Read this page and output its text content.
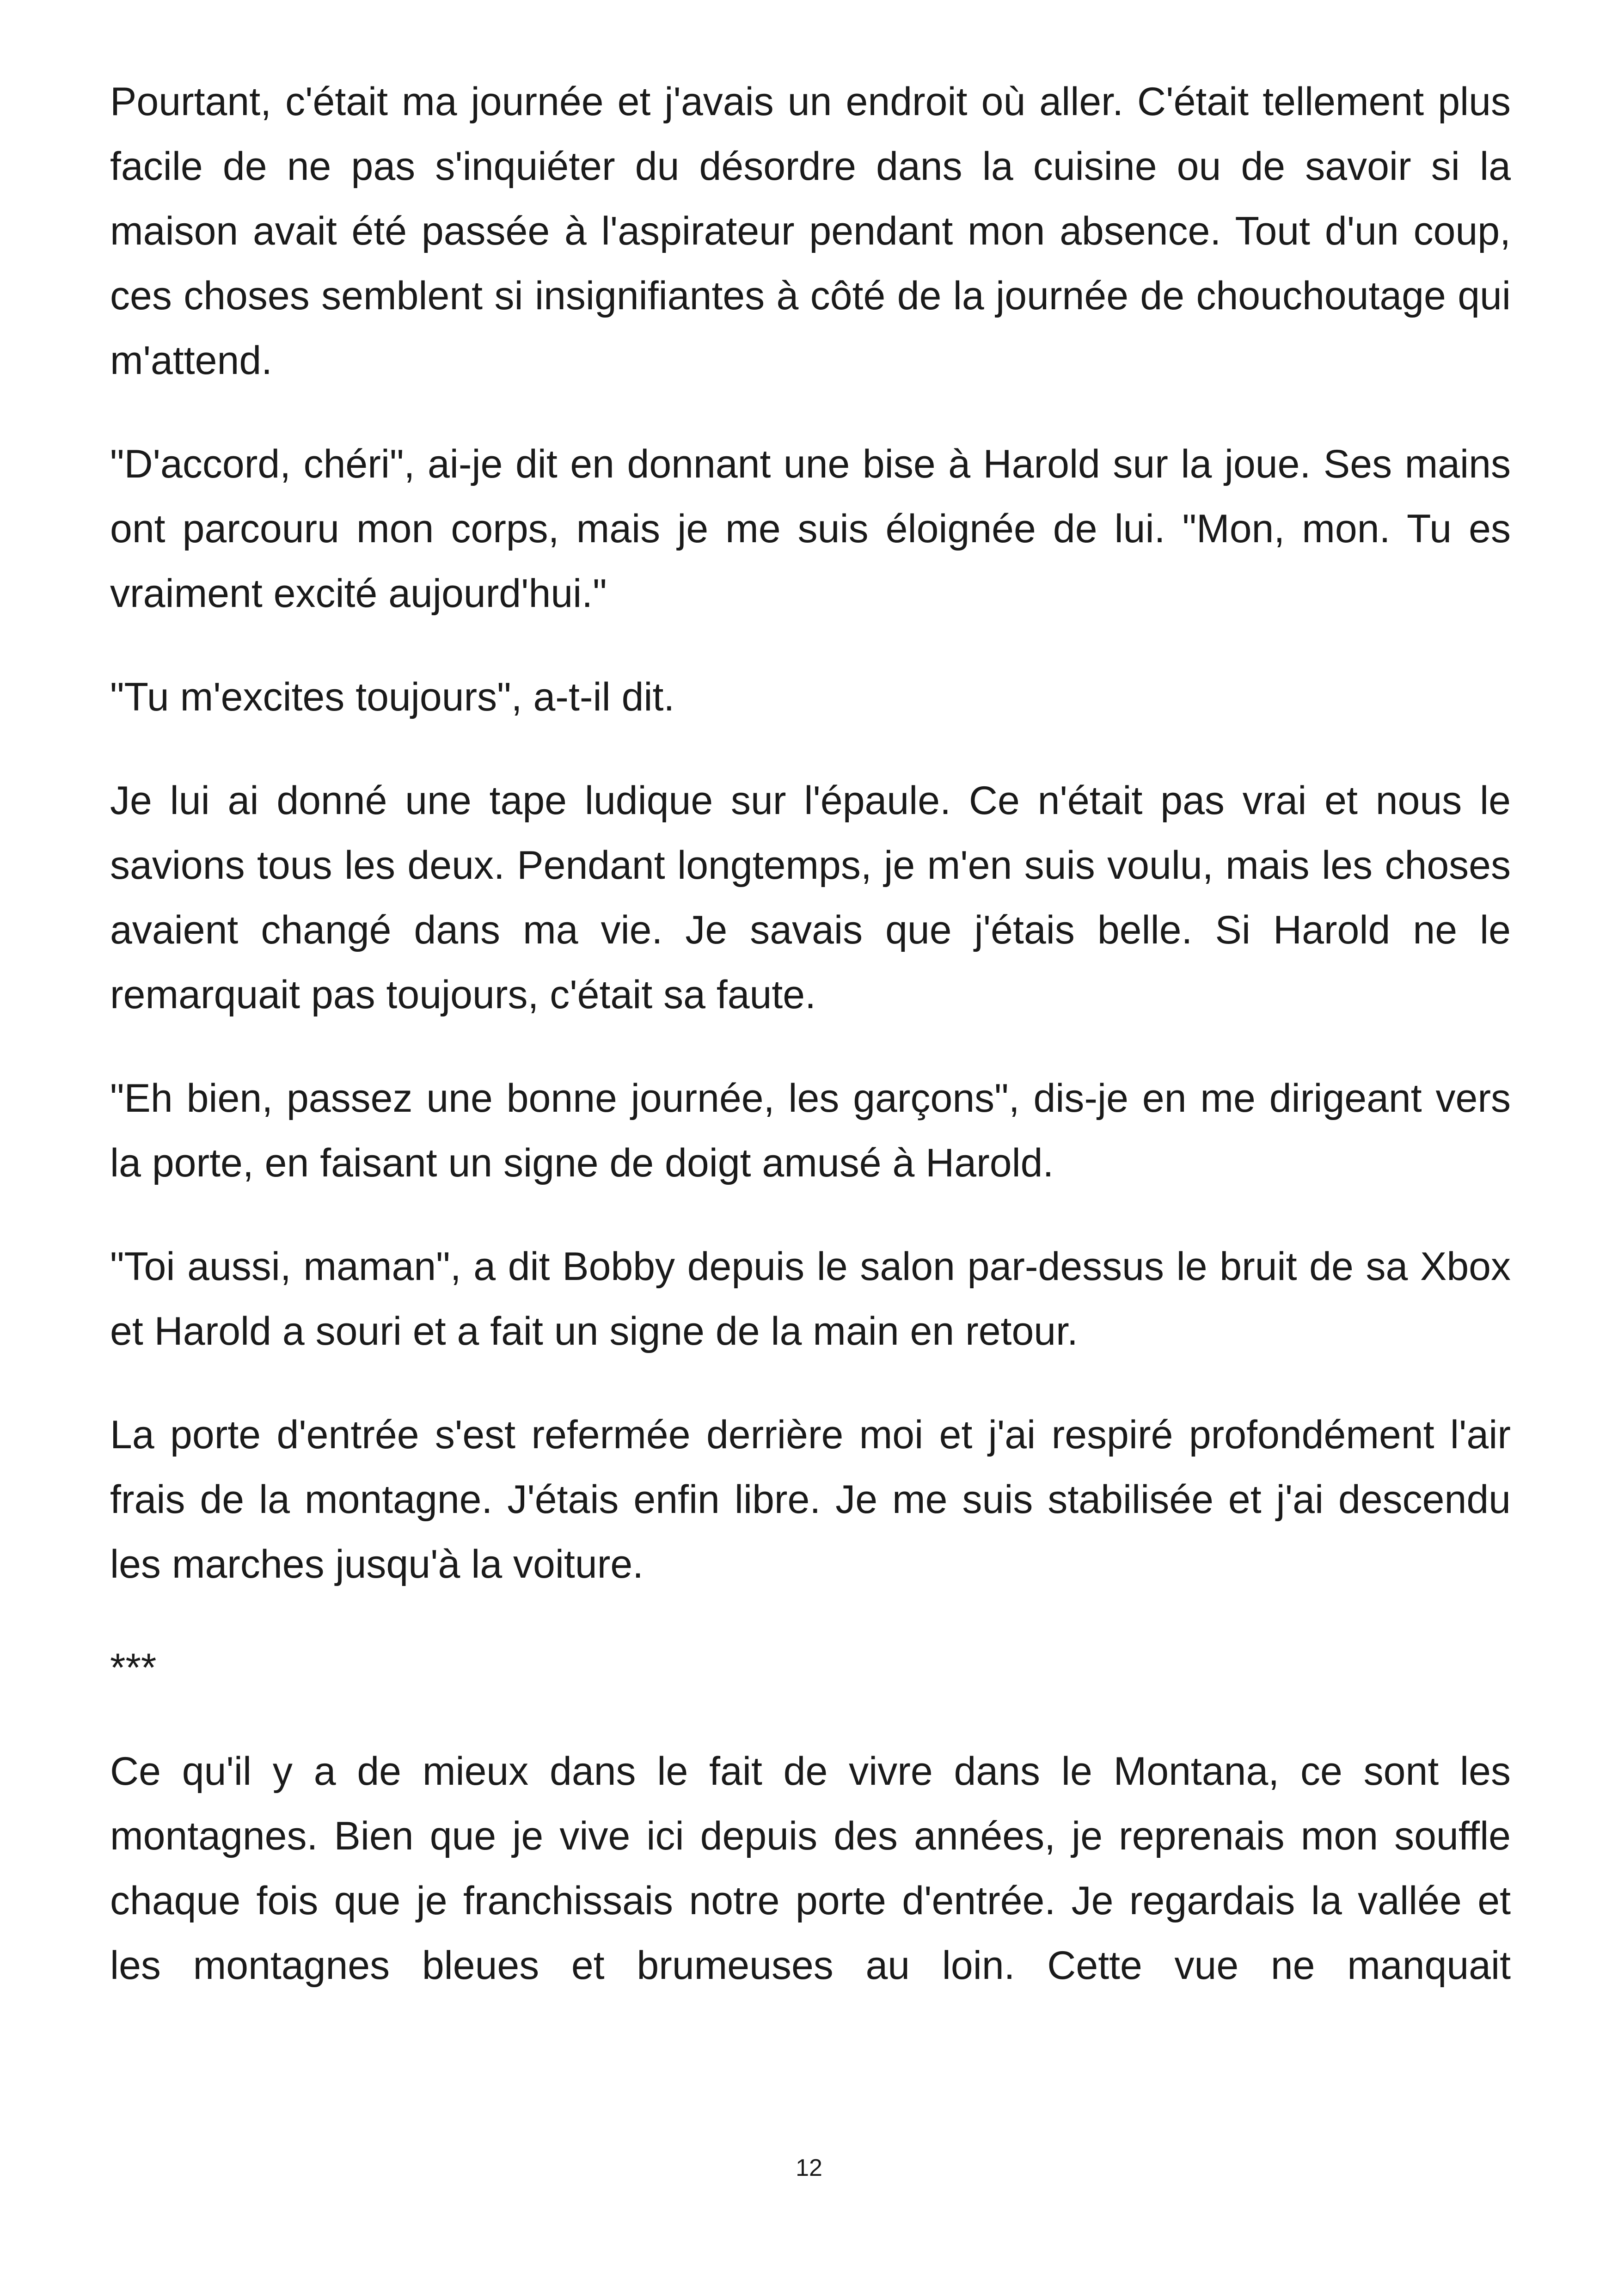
Pourtant, c'était ma journée et j'avais un endroit où aller. C'était tellement plus facile de ne pas s'inquiéter du désordre dans la cuisine ou de savoir si la maison avait été passée à l'aspirateur pendant mon absence. Tout d'un coup, ces choses semblent si insignifiantes à côté de la journée de chouchoutage qui m'attend.

"D'accord, chéri", ai-je dit en donnant une bise à Harold sur la joue. Ses mains ont parcouru mon corps, mais je me suis éloignée de lui. "Mon, mon. Tu es vraiment excité aujourd'hui."

"Tu m'excites toujours", a-t-il dit.

Je lui ai donné une tape ludique sur l'épaule. Ce n'était pas vrai et nous le savions tous les deux. Pendant longtemps, je m'en suis voulu, mais les choses avaient changé dans ma vie. Je savais que j'étais belle. Si Harold ne le remarquait pas toujours, c'était sa faute.

"Eh bien, passez une bonne journée, les garçons", dis-je en me dirigeant vers la porte, en faisant un signe de doigt amusé à Harold.

"Toi aussi, maman", a dit Bobby depuis le salon par-dessus le bruit de sa Xbox et Harold a souri et a fait un signe de la main en retour.

La porte d'entrée s'est refermée derrière moi et j'ai respiré profondément l'air frais de la montagne. J'étais enfin libre. Je me suis stabilisée et j'ai descendu les marches jusqu'à la voiture.

***

Ce qu'il y a de mieux dans le fait de vivre dans le Montana, ce sont les montagnes. Bien que je vive ici depuis des années, je reprenais mon souffle chaque fois que je franchissais notre porte d'entrée. Je regardais la vallée et les montagnes bleues et brumeuses au loin. Cette vue ne manquait

12
